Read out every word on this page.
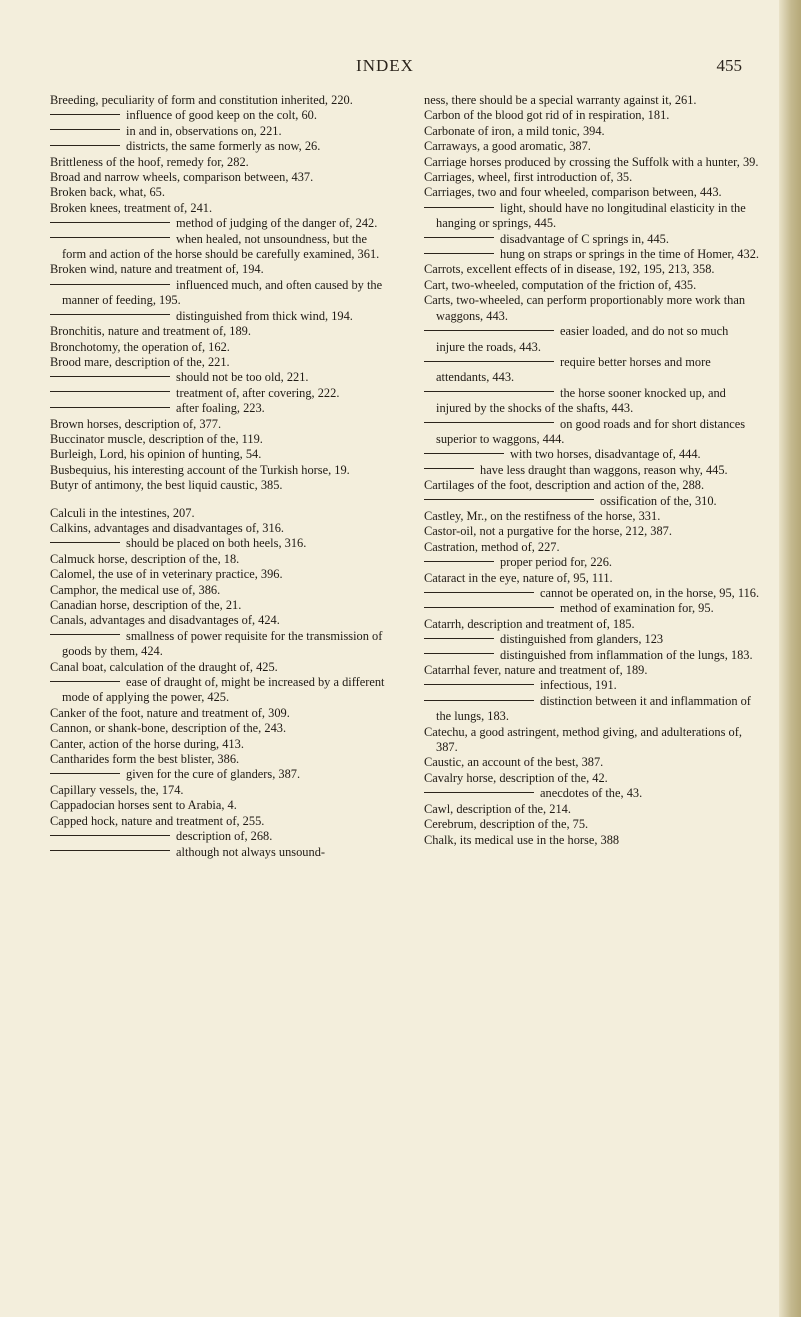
INDEX	455

Breeding, peculiarity of form and constitution inherited, 220.

influence of good keep on the colt, 60.

in and in, observations on, 221.

districts, the same formerly as now, 26.

Brittleness of the hoof, remedy for, 282.

Broad and narrow wheels, comparison between, 437.

Broken back, what, 65.

Broken knees, treatment of, 241.

method of judging of the danger of, 242.

when healed, not unsoundness, but the form and action of the horse should be carefully examined, 361.

Broken wind, nature and treatment of, 194.

influenced much, and often caused by the manner of feeding, 195.

distinguished from thick wind, 194.

Bronchitis, nature and treatment of, 189.

Bronchotomy, the operation of, 162.

Brood mare, description of the, 221.

should not be too old, 221.

treatment of, after covering, 222.

after foaling, 223.

Brown horses, description of, 377.

Buccinator muscle, description of the, 119.

Burleigh, Lord, his opinion of hunting, 54.

Busbequius, his interesting account of the Turkish horse, 19.

Butyr of antimony, the best liquid caustic, 385.

Calculi in the intestines, 207.

Calkins, advantages and disadvantages of, 316.

should be placed on both heels, 316.

Calmuck horse, description of the, 18.

Calomel, the use of in veterinary practice, 396.

Camphor, the medical use of, 386.

Canadian horse, description of the, 21.

Canals, advantages and disadvantages of, 424.

smallness of power requisite for the transmission of goods by them, 424.

Canal boat, calculation of the draught of, 425.

ease of draught of, might be increased by a different mode of applying the power, 425.

Canker of the foot, nature and treatment of, 309.

Cannon, or shank-bone, description of the, 243.

Canter, action of the horse during, 413.

Cantharides form the best blister, 386.

given for the cure of glanders, 387.

Capillary vessels, the, 174.

Cappadocian horses sent to Arabia, 4.

Capped hock, nature and treatment of, 255.

description of, 268.

although not always unsound-

ness, there should be a special warranty against it, 261.

Carbon of the blood got rid of in respiration, 181.

Carbonate of iron, a mild tonic, 394.

Carraways, a good aromatic, 387.

Carriage horses produced by crossing the Suffolk with a hunter, 39.

Carriages, wheel, first introduction of, 35.

Carriages, two and four wheeled, comparison between, 443.

light, should have no longitudinal elasticity in the hanging or springs, 445.

disadvantage of C springs in, 445.

hung on straps or springs in the time of Homer, 432.

Carrots, excellent effects of in disease, 192, 195, 213, 358.

Cart, two-wheeled, computation of the friction of, 435.

Carts, two-wheeled, can perform proportionably more work than waggons, 443.

easier loaded, and do not so much injure the roads, 443.

require better horses and more attendants, 443.

the horse sooner knocked up, and injured by the shocks of the shafts, 443.

on good roads and for short distances superior to waggons, 444.

with two horses, disadvantage of, 444.

have less draught than waggons, reason why, 445.

Cartilages of the foot, description and action of the, 288.

ossification of the, 310.

Castley, Mr., on the restifness of the horse, 331.

Castor-oil, not a purgative for the horse, 212, 387.

Castration, method of, 227.

proper period for, 226.

Cataract in the eye, nature of, 95, 111.

cannot be operated on, in the horse, 95, 116.

method of examination for, 95.

Catarrh, description and treatment of, 185.

distinguished from glanders, 123

distinguished from inflammation of the lungs, 183.

Catarrhal fever, nature and treatment of, 189.

infectious, 191.

distinction between it and inflammation of the lungs, 183.

Catechu, a good astringent, method giving, and adulterations of, 387.

Caustic, an account of the best, 387.

Cavalry horse, description of the, 42.

anecdotes of the, 43.

Cawl, description of the, 214.

Cerebrum, description of the, 75.

Chalk, its medical use in the horse, 388
